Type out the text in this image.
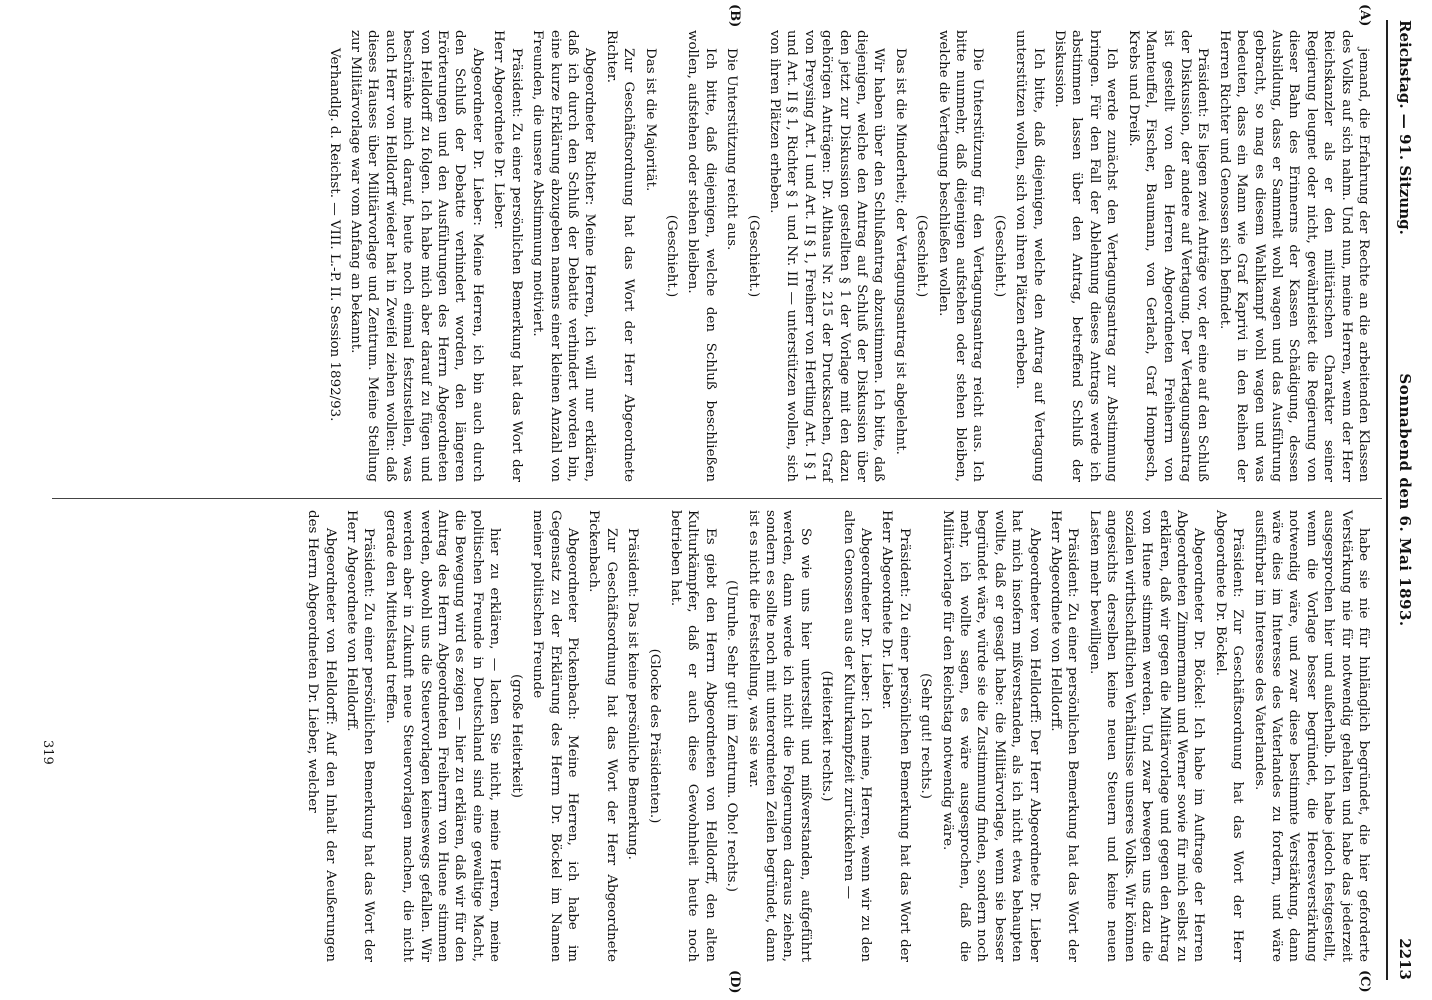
Reichstag. — 91. Sitzung.
Sonnabend den 6. Mai 1893.
2213
(A)
(B)
(C)
(D)

jemand, die Erfahrung der Rechte an die arbeitenden Klassen des Volks auf sich nahm. Und nun, meine Herren, wenn der Herr Reichskanzler als er den militärischen Charakter seiner Regierung leugnet oder nicht, gewährleistet die Regierung von dieser Bahn des Erinnerns der Kassen Schädigung, dessen Ausbildung, dass er Sammelt wohl wagen und das Ausführung gebracht, so mag es diesem Wahlkampf wohl wagen und was bedeuten, dass ein Mann wie Graf Kaprivi in den Reihen der Herren Richter und Genossen sich befindet.

Präsident: Es liegen zwei Anträge vor, der eine auf den Schluß der Diskussion, der andere auf Vertagung. Der Vertagungsantrag ist gestellt von den Herren Abgeordneten Freiherrn von Manteuffel, Fischer, Baumann, von Gerlach, Graf Hompesch, Krebs und Dreiß.

Ich werde zunächst den Vertagungsantrag zur Abstimmung bringen. Für den Fall der Ablehnung dieses Antrags werde ich abstimmen lassen über den Antrag, betreffend Schluß der Diskussion.

Ich bitte, daß diejenigen, welche den Antrag auf Vertagung unterstützen wollen, sich von ihren Plätzen erheben.

(Geschieht.)

Die Unterstützung für den Vertagungsantrag reicht aus. Ich bitte nunmehr, daß diejenigen aufstehen oder stehen bleiben, welche die Vertagung beschließen wollen.

(Geschieht.)

Das ist die Minderheit; der Vertagungsantrag ist abgelehnt.

Wir haben über den Schlußantrag abzustimmen. Ich bitte, daß diejenigen, welche den Antrag auf Schluß der Diskussion über den jetzt zur Diskussion gestellten § 1 der Vorlage mit den dazu gehörigen Anträgen: Dr. Althaus Nr. 215 der Drucksachen, Graf von Preysing Art. I und Art. II § 1, Freiherr von Hertling Art. I § 1 und Art. II § 1, Richter § 1 und Nr. III — unterstützen wollen, sich von ihren Plätzen erheben.

(Geschieht.)

Die Unterstützung reicht aus.

Ich bitte, daß diejenigen, welche den Schluß beschließen wollen, aufstehen oder stehen bleiben.

(Geschieht.)

Das ist die Majorität.

Zur Geschäftsordnung hat das Wort der Herr Abgeordnete Richter.

Abgeordneter Richter: Meine Herren, ich will nur erklären, daß ich durch den Schluß der Debatte verhindert worden bin, eine kurze Erklärung abzugeben namens einer kleinen Anzahl von Freunden, die unsere Abstimmung motiviert.

Präsident: Zu einer persönlichen Bemerkung hat das Wort der Herr Abgeordnete Dr. Lieber.

Abgeordneter Dr. Lieber: Meine Herren, ich bin auch durch den Schluß der Debatte verhindert worden, den längeren Erörterungen und den Ausführungen des Herrn Abgeordneten von Helldorff zu folgen. Ich habe mich aber darauf zu fügen und beschränke mich darauf, heute noch einmal festzustellen, was auch Herr von Helldorff wieder hat in Zweifel ziehen wollen: daß dieses Hauses über Militärvorlage und Zentrum. Meine Stellung zur Militärvorlage war vom Anfang an bekannt.

Verhandlg. d. Reichst. — VIII. L.-P. II. Session 1892/93.

habe sie nie für hinlänglich begründet, die hier geforderte Verstärkung nie für notwendig gehalten und habe das jederzeit ausgesprochen hier und außerhalb. Ich habe jedoch festgestellt, wenn die Vorlage besser begründet, die Heeresverstärkung notwendig wäre, und zwar diese bestimmte Verstärkung, dann wäre dies im Interesse des Vaterlandes zu fordern, und wäre ausführbar im Interesse des Vaterlandes.

Präsident: Zur Geschäftsordnung hat das Wort der Herr Abgeordnete Dr. Böckel.

Abgeordneter Dr. Böckel: Ich habe im Auftrage der Herren Abgeordneten Zimmermann und Werner sowie für mich selbst zu erklären, daß wir gegen die Militärvorlage und gegen den Antrag von Huene stimmen werden. Und zwar bewegen uns dazu die sozialen wirthschaftlichen Verhältnisse unseres Volks. Wir können angesichts derselben keine neuen Steuern und keine neuen Lasten mehr bewilligen.

Präsident: Zu einer persönlichen Bemerkung hat das Wort der Herr Abgeordnete von Helldorff.

Abgeordneter von Helldorff: Der Herr Abgeordnete Dr. Lieber hat mich insofern mißverstanden, als ich nicht etwa behaupten wollte, daß er gesagt habe: die Militärvorlage, wenn sie besser begründet wäre, würde sie die Zustimmung finden, sondern noch mehr, ich wollte sagen, es wäre ausgesprochen, daß die Militärvorlage für den Reichstag notwendig wäre.

(Sehr gut! rechts.)

Präsident: Zu einer persönlichen Bemerkung hat das Wort der Herr Abgeordnete Dr. Lieber.

Abgeordneter Dr. Lieber: Ich meine, Herren, wenn wir zu den alten Genossen aus der Kulturkampfzeit zurückkehren —

(Heiterkeit rechts.)

So wie uns hier unterstellt und mißverstanden, aufgeführt werden, dann werde ich nicht die Folgerungen daraus ziehen, sondern es sollte noch mit unterordneten Zeilen begründet, dann ist es nicht die Feststellung, was sie war.

(Unruhe. Sehr gut! im Zentrum. Oho! rechts.)

Es giebt den Herrn Abgeordneten von Helldorff, den alten Kulturkämpfer, daß er auch diese Gewohnheit heute noch betrieben hat.

(Glocke des Präsidenten.)

Präsident: Das ist keine persönliche Bemerkung.

Zur Geschäftsordnung hat das Wort der Herr Abgeordnete Pickenbach.

Abgeordneter Pickenbach: Meine Herren, ich habe im Gegensatz zu der Erklärung des Herrn Dr. Böckel im Namen meiner politischen Freunde

(große Heiterkeit)

hier zu erklären, — lachen Sie nicht, meine Herren, meine politischen Freunde in Deutschland sind eine gewaltige Macht, die Bewegung wird es zeigen — hier zu erklären, daß wir für den Antrag des Herrn Abgeordneten Freiherrn von Huene stimmen werden, obwohl uns die Steuervorlagen keineswegs gefallen. Wir werden aber in Zukunft neue Steuervorlagen machen, die nicht gerade den Mittelstand treffen.

Präsident: Zu einer persönlichen Bemerkung hat das Wort der Herr Abgeordnete von Helldorff.

Abgeordneter von Helldorff: Auf den Inhalt der Aeußerungen des Herrn Abgeordneten Dr. Lieber, welcher

319
